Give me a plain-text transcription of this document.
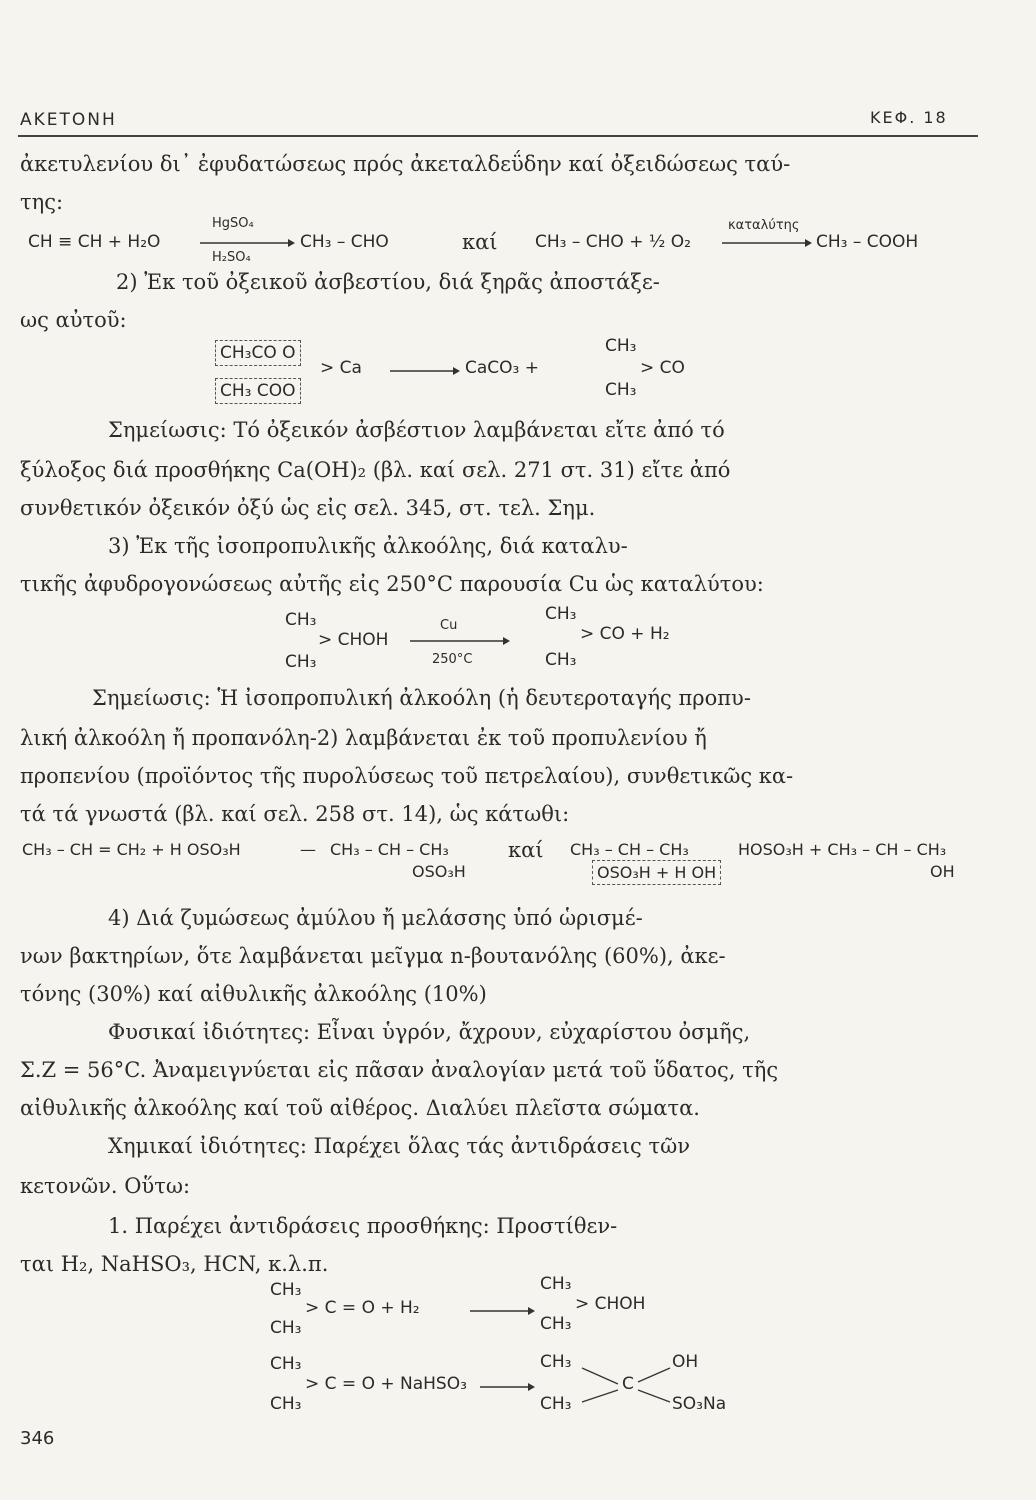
ΑΚΕΤΟΝΗ	ΚΕΦ. 18
ἀκετυλενίου δι᾽ ἐφυδατώσεως πρός ἀκεταλδεΰδην καί ὀξειδώσεως ταύ-
της:
CH ≡ CH + H₂O
HgSO₄
H₂SO₄
CH₃ – CHO	καί CH₃ – CHO + ½ O₂
καταλύτης
CH₃ – COOH
2) Ἐκ τοῦ ὀξεικοῦ ἀσβεστίου, διά ξηρᾶς ἀποστάξε-
ως αὐτοῦ:
CH₃CO O
CH₃ COO
> Ca	CaCO₃ +
CH₃
> CO
CH₃
Σημείωσις: Τό ὀξεικόν ἀσβέστιον λαμβάνεται εἴτε ἀπό τό
ξύλοξος διά προσθήκης Ca(OH)₂ (βλ. καί σελ. 271 στ. 31) εἴτε ἀπό
συνθετικόν ὀξεικόν ὀξύ ὡς εἰς σελ. 345, στ. τελ. Σημ.
3) Ἐκ τῆς ἰσοπροπυλικῆς ἀλκοόλης, διά καταλυ-
τικῆς ἀφυδρογονώσεως αὐτῆς εἰς 250°C παρουσία Cu ὡς καταλύτου:
CH₃
> CHOH
CH₃
Cu
250°C
CH₃
> CO + H₂
CH₃
Σημείωσις: Ἡ ἰσοπροπυλική ἀλκοόλη (ἡ δευτεροταγής προπυ-
λική ἀλκοόλη ἤ προπανόλη-2) λαμβάνεται ἐκ τοῦ προπυλενίου ἤ
προπενίου (προϊόντος τῆς πυρολύσεως τοῦ πετρελαίου), συνθετικῶς κα-
τά τά γνωστά (βλ. καί σελ. 258 στ. 14), ὡς κάτωθι:
CH₃ – CH = CH₂ + H OSO₃H	— CH₃ – CH – CH₃
OSO₃H
καί CH₃ – CH – CH₃
OSO₃H + H OH
HOSO₃H + CH₃ – CH – CH₃
OH
4) Διά ζυμώσεως ἀμύλου ἤ μελάσσης ὑπό ὡρισμέ-
νων βακτηρίων, ὅτε λαμβάνεται μεῖγμα n-βουτανόλης (60%), ἀκε-
τόνης (30%) καί αἰθυλικῆς ἀλκοόλης (10%)
Φυσικαί ἰδιότητες: Εἶναι ὑγρόν, ἄχρουν, εὐχαρίστου ὀσμῆς,
Σ.Ζ = 56°C. Ἀναμειγνύεται εἰς πᾶσαν ἀναλογίαν μετά τοῦ ὕδατος, τῆς
αἰθυλικῆς ἀλκοόλης καί τοῦ αἰθέρος. Διαλύει πλεῖστα σώματα.
Χημικαί ἰδιότητες: Παρέχει ὅλας τάς ἀντιδράσεις τῶν
κετονῶν. Οὕτω:
1. Παρέχει ἀντιδράσεις προσθήκης: Προστίθεν-
ται H₂, NaHSO₃, HCN, κ.λ.π.
CH₃
> C = O + H₂
CH₃
CH₃
> CHOH
CH₃
CH₃
> C = O + NaHSO₃
CH₃
CH₃
C
CH₃
OH
SO₃Na
346
